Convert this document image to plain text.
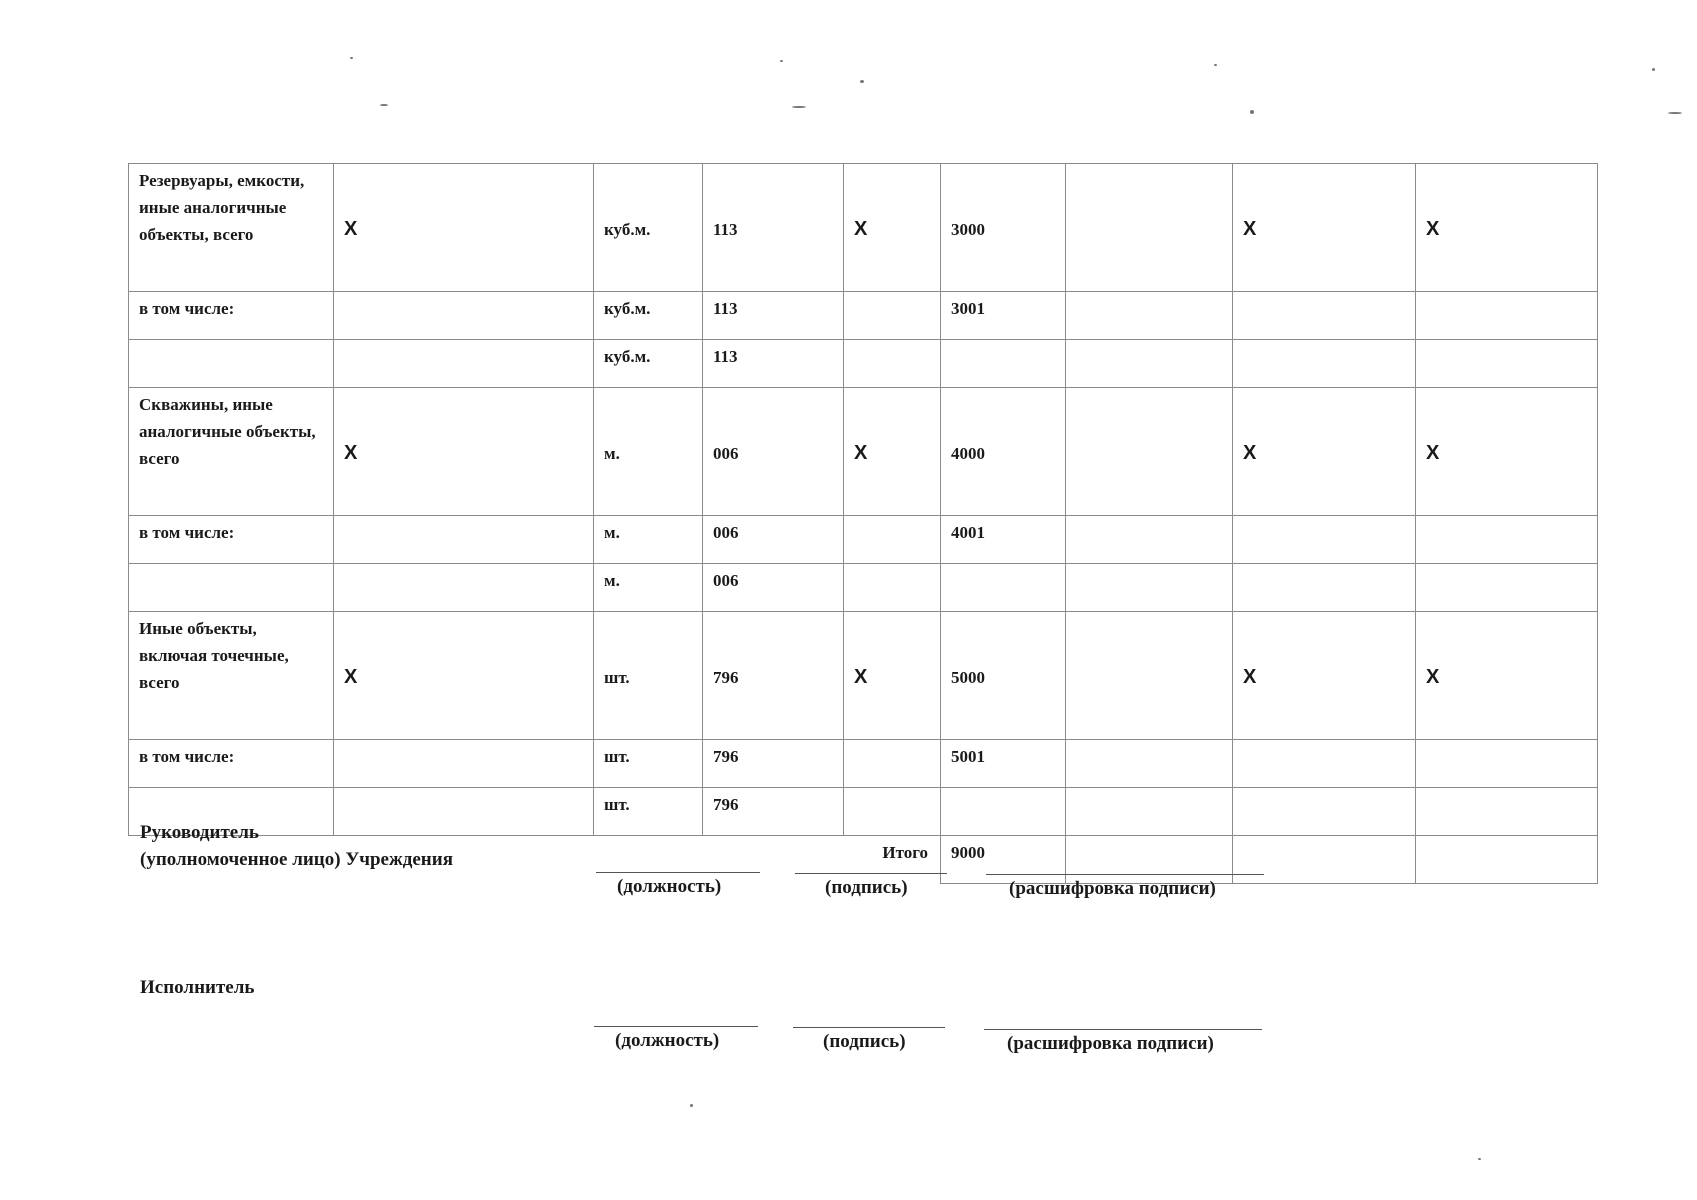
Резервуары, емкости, иные аналогичные объекты, всего	X	куб.м.	113	X	3000		X	X
в том числе:		куб.м.	113		3001			
		куб.м.	113					
Скважины, иные аналогичные объекты, всего	X	м.	006	X	4000		X	X
в том числе:		м.	006		4001			
		м.	006					
Иные объекты, включая точечные, всего	X	шт.	796	X	5000		X	X
в том числе:		шт.	796		5001			
		шт.	796					
				Итого	9000			
Руководитель
(уполномоченное лицо) Учреждения
(должность)	(подпись)	(расшифровка подписи)
Исполнитель
(должность)	(подпись)	(расшифровка подписи)
